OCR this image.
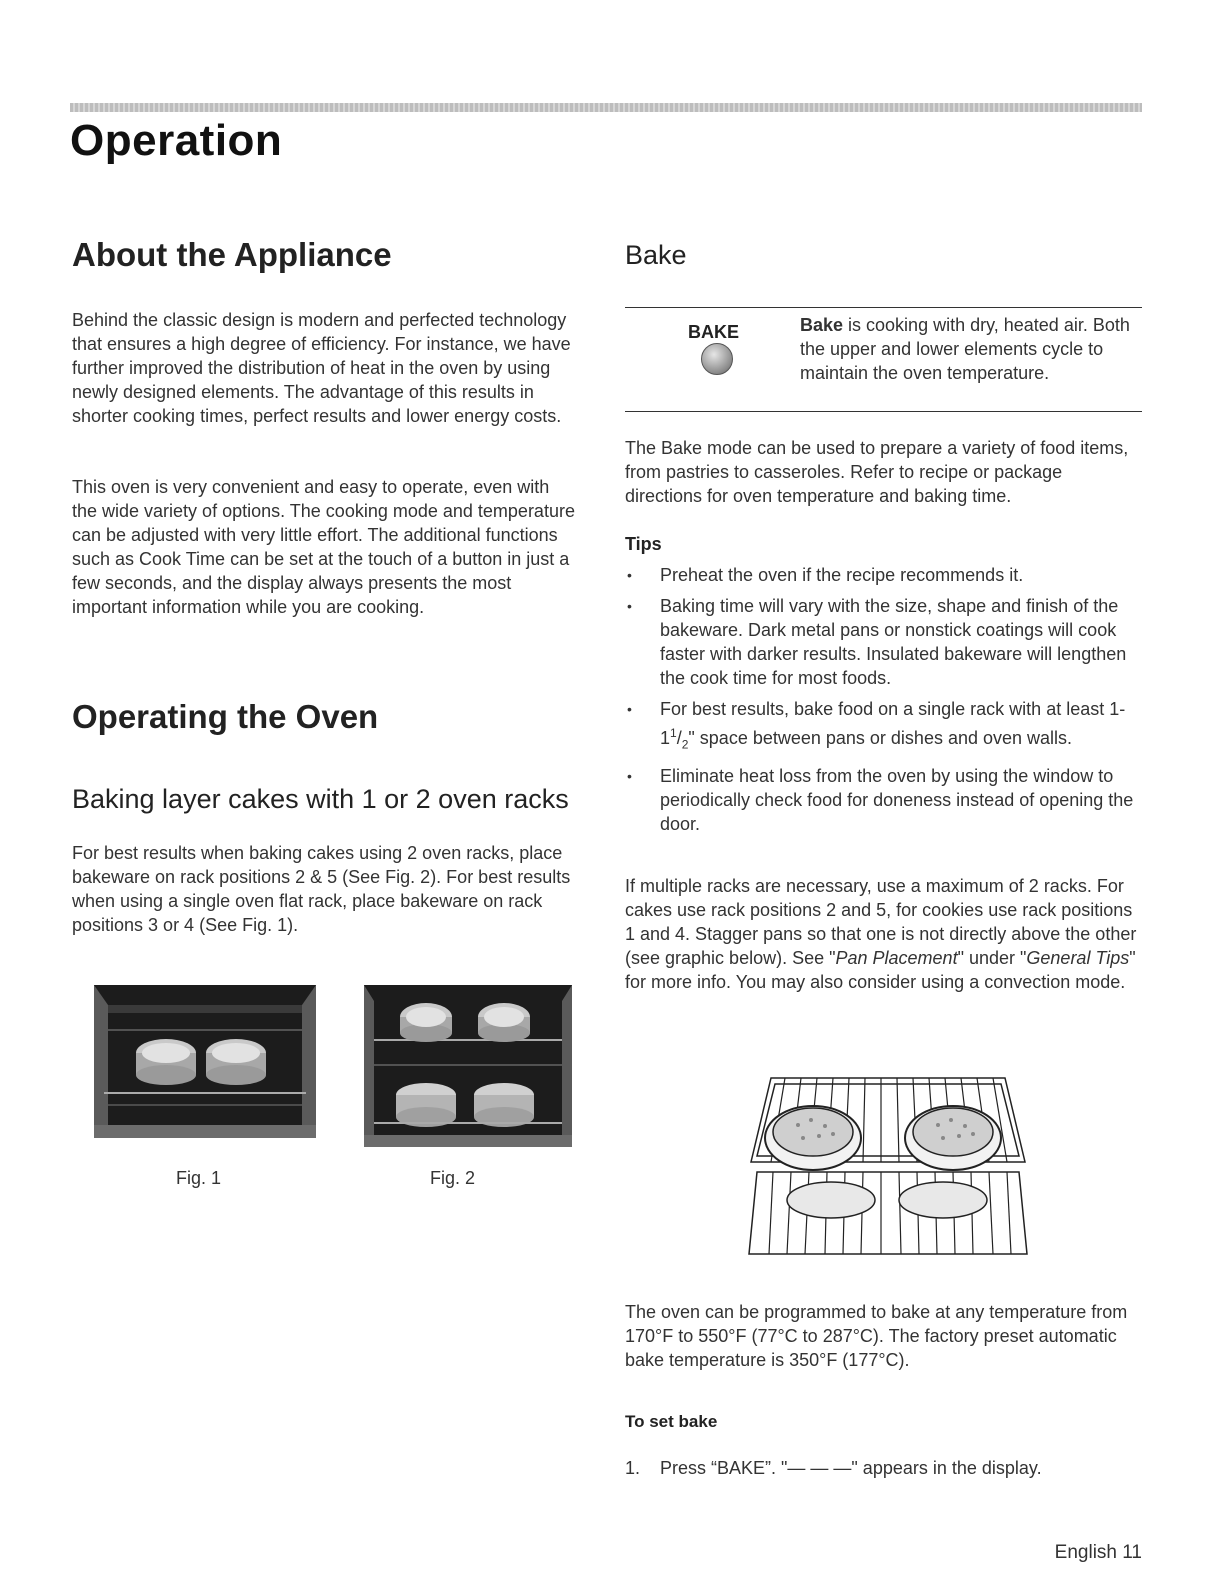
Operation
About the Appliance

Behind the classic design is modern and perfected technology that ensures a high degree of efficiency. For instance, we have further improved the distribution of heat in the oven by using newly designed elements. The advantage of this results in shorter cooking times, perfect results and lower energy costs.

This oven is very convenient and easy to operate, even with the wide variety of options. The cooking mode and temperature can be adjusted with very little effort. The additional functions such as Cook Time can be set at the touch of a button in just a few seconds, and the display always presents the most important information while you are cooking.

Operating the Oven
Baking layer cakes with 1 or 2 oven racks

For best results when baking cakes using 2 oven racks, place bakeware on rack positions 2 & 5 (See Fig. 2). For best results when using a single oven flat rack, place bakeware on rack positions 3 or 4 (See Fig. 1).

Fig. 1	Fig. 2
Bake
BAKE	Bake is cooking with dry, heated air. Both the upper and lower elements cycle to maintain the oven temperature.

The Bake mode can be used to prepare a variety of food items, from pastries to casseroles. Refer to recipe or package directions for oven temperature and baking time.

Tips
• Preheat the oven if the recipe recommends it.
• Baking time will vary with the size, shape and finish of the bakeware. Dark metal pans or nonstick coatings will cook faster with darker results. Insulated bakeware will lengthen the cook time for most foods.
• For best results, bake food on a single rack with at least $1-1^1/_2$" space between pans or dishes and oven walls.
• Eliminate heat loss from the oven by using the window to periodically check food for doneness instead of opening the door.

If multiple racks are necessary, use a maximum of 2 racks. For cakes use rack positions 2 and 5, for cookies use rack positions 1 and 4. Stagger pans so that one is not directly above the other (see graphic below). See "Pan Placement" under "General Tips" for more info. You may also consider using a convection mode.

The oven can be programmed to bake at any temperature from 170°F to 550°F (77°C to 287°C). The factory preset automatic bake temperature is 350°F (177°C).

To set bake

1. Press “BAKE”. "— — —" appears in the display.

English 11
